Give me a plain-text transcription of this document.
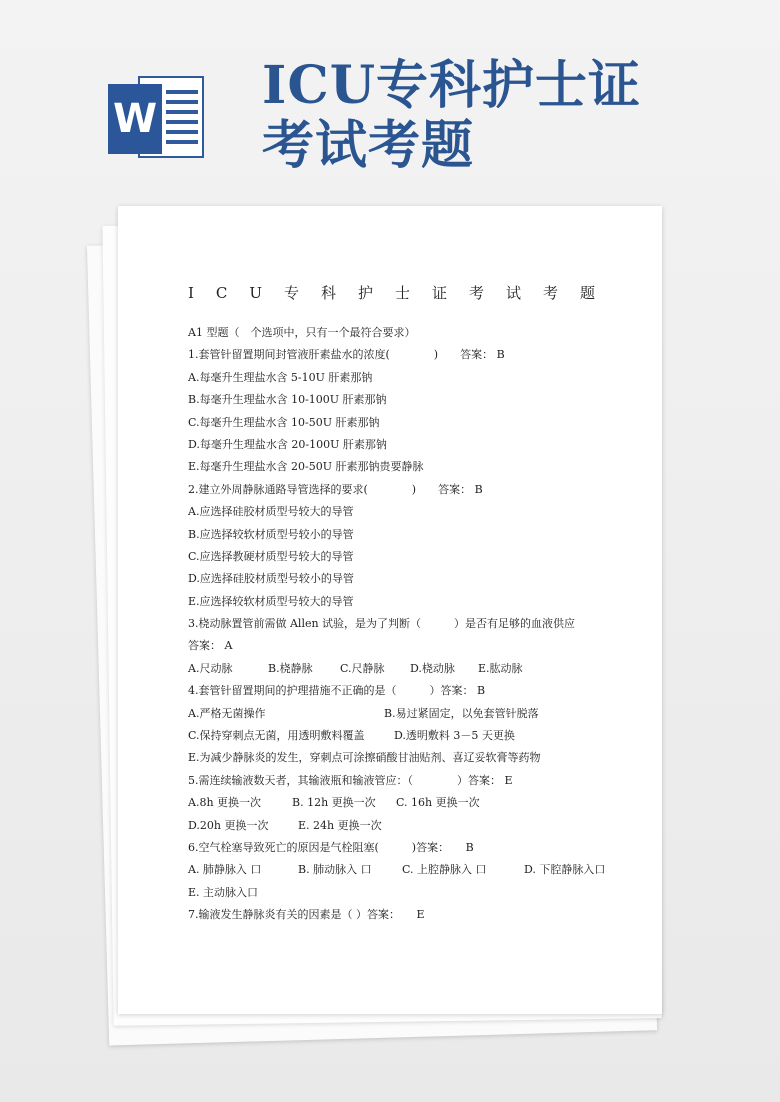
W
ICU专科护士证
考试考题
ICU专科护士证考试考题
A1 型题（　个选项中，只有一个最符合要求）
1.套管针留置期间封管液肝素盐水的浓度(　　　　)　　答案： B
A.每毫升生理盐水含 5-10U 肝素那钠
B.每毫升生理盐水含 10-100U 肝素那钠
C.每毫升生理盐水含 10-50U 肝素那钠
D.每毫升生理盐水含 20-100U 肝素那钠
E.每毫升生理盐水含 20-50U 肝素那钠贵要静脉
2.建立外周静脉通路导管选择的要求(　　　　)　　答案： B
A.应选择硅胶材质型号较大的导管
B.应选择较软材质型号较小的导管
C.应选择教硬材质型号较大的导管
D.应选择硅胶材质型号较小的导管
E.应选择较软材质型号较大的导管
3.桡动脉置管前需做 Allen 试验，是为了判断（　　　）是否有足够的血液供应
答案： A
A.尺动脉	B.桡静脉 C.尺静脉 D.桡动脉 E.肱动脉
4.套管针留置期间的护理措施不正确的是（　　　）答案： B
A.严格无菌操作	B.易过紧固定，以免套管针脱落
C.保持穿刺点无菌，用透明敷料覆盖	D.透明敷料 3－5 天更换
E.为减少静脉炎的发生，穿刺点可涂擦硝酸甘油贴剂、喜辽妥软膏等药物
5.需连续输液数天者，其输液瓶和输液管应：（　　　　）答案： E
A.8h 更换一次	B. 12h 更换一次 C. 16h 更换一次
D.20h 更换一次	E. 24h 更换一次
6.空气栓塞导致死亡的原因是气栓阻塞(　　　)答案：　　B
A. 肺静脉入 口	B. 肺动脉入 口	C. 上腔静脉入 口	D. 下腔静脉入口
E. 主动脉入口
7.输液发生静脉炎有关的因素是（ ）答案：　　E
